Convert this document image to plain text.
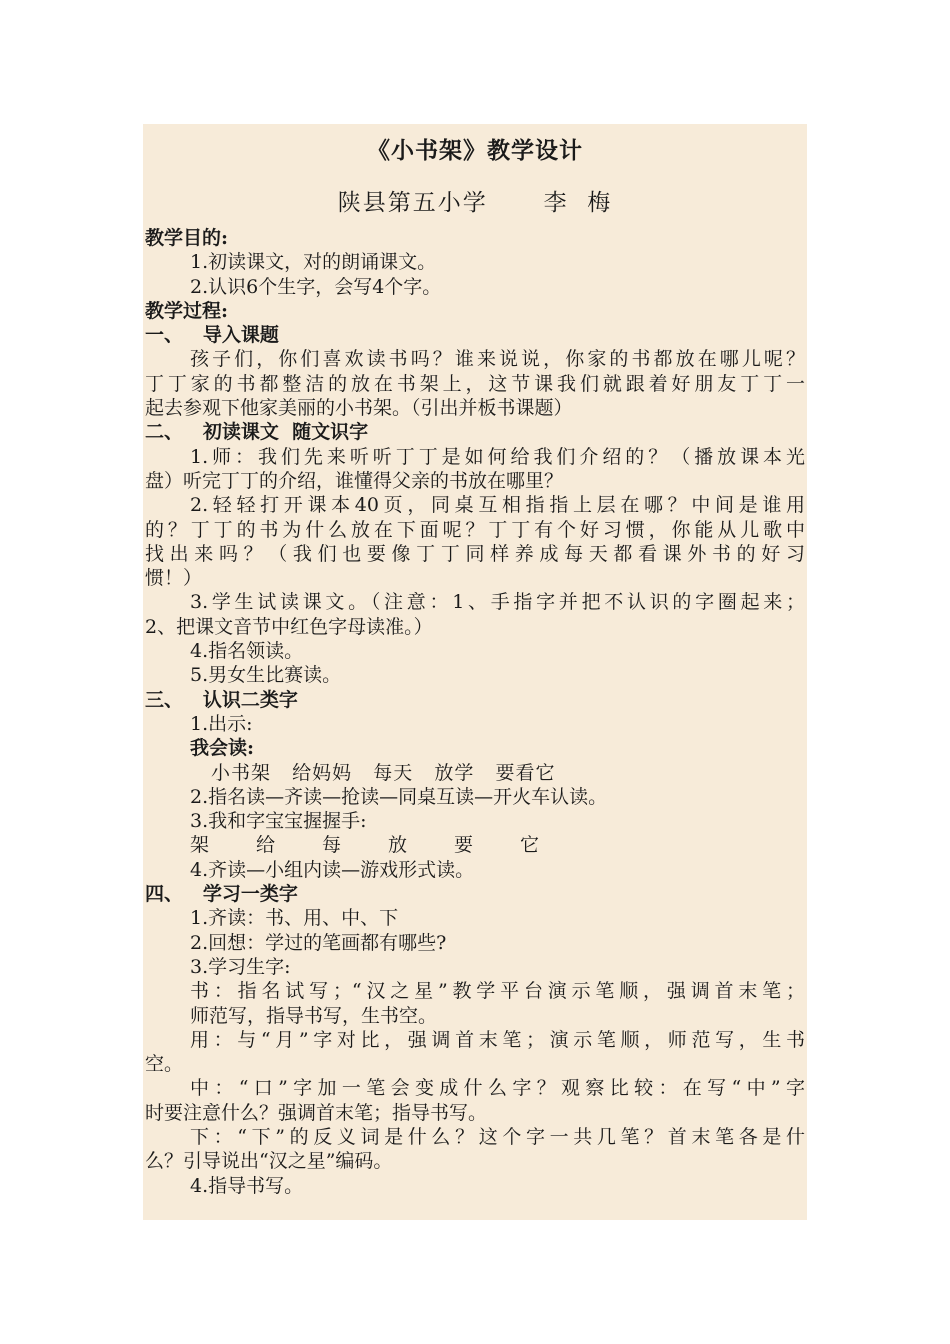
《小书架》教学设计
陕县第五小学      李  梅
教学目的:
1.初读课文，对的朗诵课文。
2.认识6个生字，会写4个字。
教学过程:
一、   导入课题
孩子们，你们喜欢读书吗？谁来说说，你家的书都放在哪儿呢？
丁丁家的书都整洁的放在书架上，这节课我们就跟着好朋友丁丁一
起去参观下他家美丽的小书架。（引出并板书课题）
二、   初读课文  随文识字
1.师：我们先来听听丁丁是如何给我们介绍的？（播放课本光
盘）听完丁丁的介绍，谁懂得父亲的书放在哪里？
2.轻轻打开课本40页，同桌互相指指上层在哪？中间是谁用
的？丁丁的书为什么放在下面呢？丁丁有个好习惯，你能从儿歌中
找出来吗？（我们也要像丁丁同样养成每天都看课外书的好习
惯！）
3.学生试读课文。（注意：1、手指字并把不认识的字圈起来；
2、把课文音节中红色字母读准。）
4.指名领读。
5.男女生比赛读。
三、   认识二类字
1.出示:
我会读:
小书架   给妈妈   每天   放学   要看它
2.指名读—齐读—抢读—同桌互读—开火车认读。
3.我和字宝宝握握手:
架 给 每 放 要 它
4.齐读—小组内读—游戏形式读。
四、   学习一类字
1.齐读：书、用、中、下
2.回想：学过的笔画都有哪些?
3.学习生字:
书：指名试写；“汉之星”教学平台演示笔顺，强调首末笔；
师范写，指导书写，生书空。
用：与“月”字对比，强调首末笔；演示笔顺，师范写，生书
空。
中：“口”字加一笔会变成什么字？观察比较：在写“中”字
时要注意什么？强调首末笔；指导书写。
下：“下”的反义词是什么？这个字一共几笔？首末笔各是什
么？引导说出“汉之星”编码。
4.指导书写。
